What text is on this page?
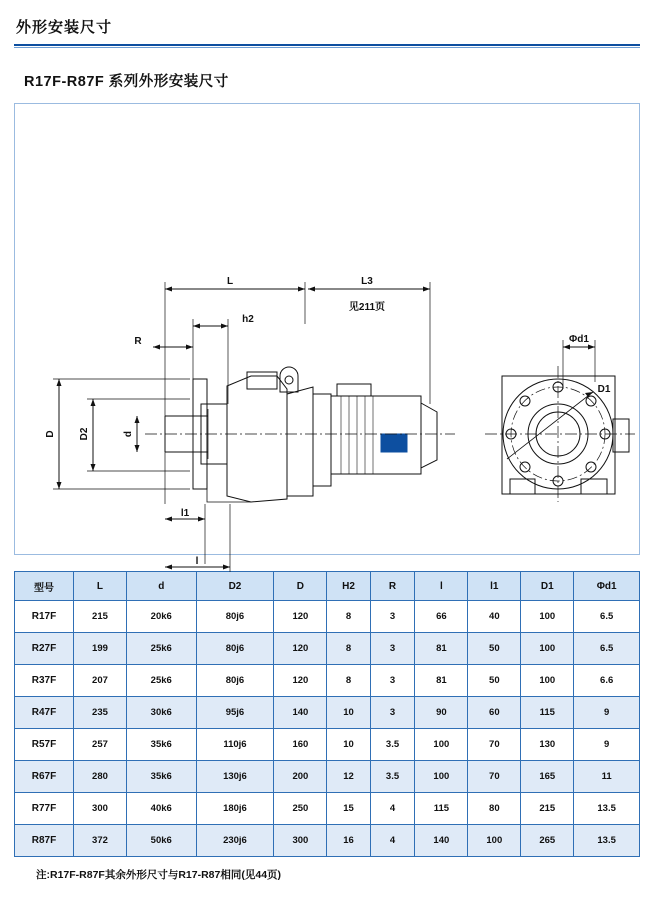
外形安装尺寸
R17F-R87F 系列外形安装尺寸
L	L3
见211页
h2
R
D D2	d
l1
l
Φd1
D1
型号	L	d	D2	D	H2	R	l	l1	D1	Φd1
R17F	215	20k6	80j6	120	8	3	66	40	100	6.5
R27F	199	25k6	80j6	120	8	3	81	50	100	6.5
R37F	207	25k6	80j6	120	8	3	81	50	100	6.6
R47F	235	30k6	95j6	140	10	3	90	60	115	9
R57F	257	35k6	110j6	160	10	3.5	100	70	130	9
R67F	280	35k6	130j6	200	12	3.5	100	70	165	11
R77F	300	40k6	180j6	250	15	4	115	80	215	13.5
R87F	372	50k6	230j6	300	16	4	140	100	265	13.5
注:R17F-R87F其余外形尺寸与R17-R87相同(见44页)
